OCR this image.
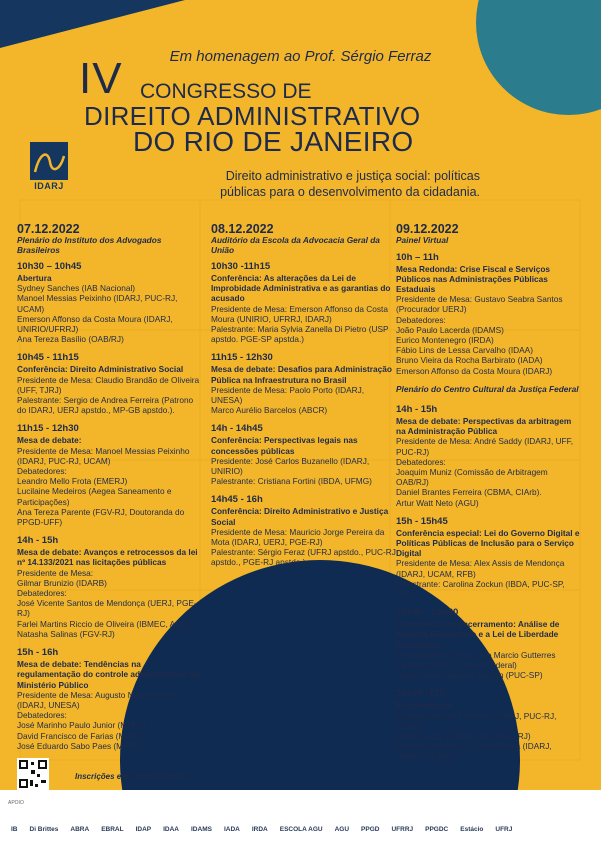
Em homenagem ao Prof. Sérgio Ferraz
IV CONGRESSO DE
DIREITO ADMINISTRATIVO
DO RIO DE JANEIRO
IDARJ
Direito administrativo e justiça social: políticas
públicas para o desenvolvimento da cidadania.
07.12.2022
Plenário do Instituto dos Advogados Brasileiros
10h30 – 10h45
Abertura
Sydney Sanches (IAB Nacional)
Manoel Messias Peixinho (IDARJ, PUC-RJ, UCAM)
Emerson Affonso da Costa Moura (IDARJ, UNIRIO/UFRRJ)
Ana Tereza Basílio (OAB/RJ)
10h45 - 11h15
Conferência: Direito Administrativo Social
Presidente de Mesa: Claudio Brandão de Oliveira (UFF, TJRJ)
Palestrante: Sergio de Andrea Ferreira (Patrono do IDARJ, UERJ apstdo., MP-GB apstdo.).
11h15 - 12h30
Mesa de debate:
Presidente de Mesa: Manoel Messias Peixinho (IDARJ, PUC-RJ, UCAM)
Debatedores:
Leandro Mello Frota (EMERJ)
Lucilaine Medeiros (Aegea Saneamento e Participações)
Ana Tereza Parente (FGV-RJ, Doutoranda do PPGD-UFF)
14h - 15h
Mesa de debate: Avanços e retrocessos da lei nº 14.133/2021 nas licitações públicas
Presidente de Mesa:
Gilmar Brunizio (IDARB)
Debatedores:
José Vicente Santos de Mendonça (UERJ, PGE-RJ)
Farlei Martins Riccio de Oliveira (IBMEC, AGU)
Natasha Salinas (FGV-RJ)
15h - 16h
Mesa de debate: Tendências na regulamentação do controle administrativo do Ministério Público
Presidente de Mesa: Augusto Nepomuceno (IDARJ, UNESA)
Debatedores:
José Marinho Paulo Junior (MPRJ)
David Francisco de Farias (MPRJ)
José Eduardo Sabo Paes (MPDF)
08.12.2022
Auditório da Escola da Advocacia Geral da União
10h30 -11h15
Conferência: As alterações da Lei de Improbidade Administrativa e as garantias do acusado
Presidente de Mesa: Emerson Affonso da Costa Moura (UNIRIO, UFRRJ, IDARJ)
Palestrante: Maria Sylvia Zanella Di Pietro (USP apstdo. PGE-SP apstda.)
11h15 - 12h30
Mesa de debate: Desafios para Administração Pública na Infraestrutura no Brasil
Presidente de Mesa: Paolo Porto (IDARJ, UNESA)
Marco Aurélio Barcelos (ABCR)
14h - 14h45
Conferência: Perspectivas legais nas concessões públicas
Presidente: José Carlos Buzanello (IDARJ, UNIRIO)
Palestrante: Cristiana Fortini (IBDA, UFMG)
14h45 - 16h
Conferência: Direito Administrativo e Justiça Social
Presidente de Mesa: Mauricio Jorge Pereira da Mota (IDARJ, UERJ, PGE-RJ)
Palestrante: Sérgio Feraz (UFRJ apstdo., PUC-RJ apstdo., PGE-RJ apstdo.)
09.12.2022
Painel Virtual
10h – 11h
Mesa Redonda: Crise Fiscal e Serviços Públicos nas Administrações Públicas Estaduais
Presidente de Mesa: Gustavo Seabra Santos (Procurador UERJ)
Debatedores:
João Paulo Lacerda (IDAMS)
Eurico Montenegro (IRDA)
Fábio Lins de Lessa Carvalho (IDAA)
Bruno Vieira da Rocha Barbirato (IADA)
Emerson Affonso da Costa Moura (IDARJ)
Plenário do Centro Cultural da Justiça Federal
14h - 15h
Mesa de debate: Perspectivas da arbitragem na Administração Pública
Presidente de Mesa: André Saddy (IDARJ, UFF, PUC-RJ)
Debatedores:
Joaquim Muniz (Comissão de Arbitragem OAB/RJ)
Daniel Brantes Ferreira (CBMA, CIArb).
Artur Watt Neto (AGU)
15h - 15h45
Conferência especial: Lei do Governo Digital e Políticas Públicas de Inclusão para o Serviço Digital
Presidente de Mesa: Alex Assis de Mendonça (IDARJ, UCAM, RFB)
Palestrante: Carolina Zockun (IBDA, PUC-SP, PFN)
15h45 - 16h30
Conferência de encerramento: Análise de Impacto Regulatório e a Lei de Liberdade Econômica
Presidente de Mesa: Caio Marcio Gutterres Taranto (UCAM, Justiça Federal)
Palestrante: Mauricio Zockun (PUC-SP)
16h30 -17h
Encerramento
Manoel Messias Peixinho (IDARJ, PUC-RJ, UCAM)
André Saddy (IDARJ, UFF, PUC-RJ)
Emerson Affonso da Costa Moura (IDARJ, UNIRIO/UFRRJ)
Inscrições em sympla.com.br
APOIO
IB	Di Brittes	ABRA	EBRAL	IDAP	IDAA	IDAMS	IADA	IRDA	ESCOLA AGU	AGU	PPGD	UFRRJ	PPGDC	Estácio	UFRJ
